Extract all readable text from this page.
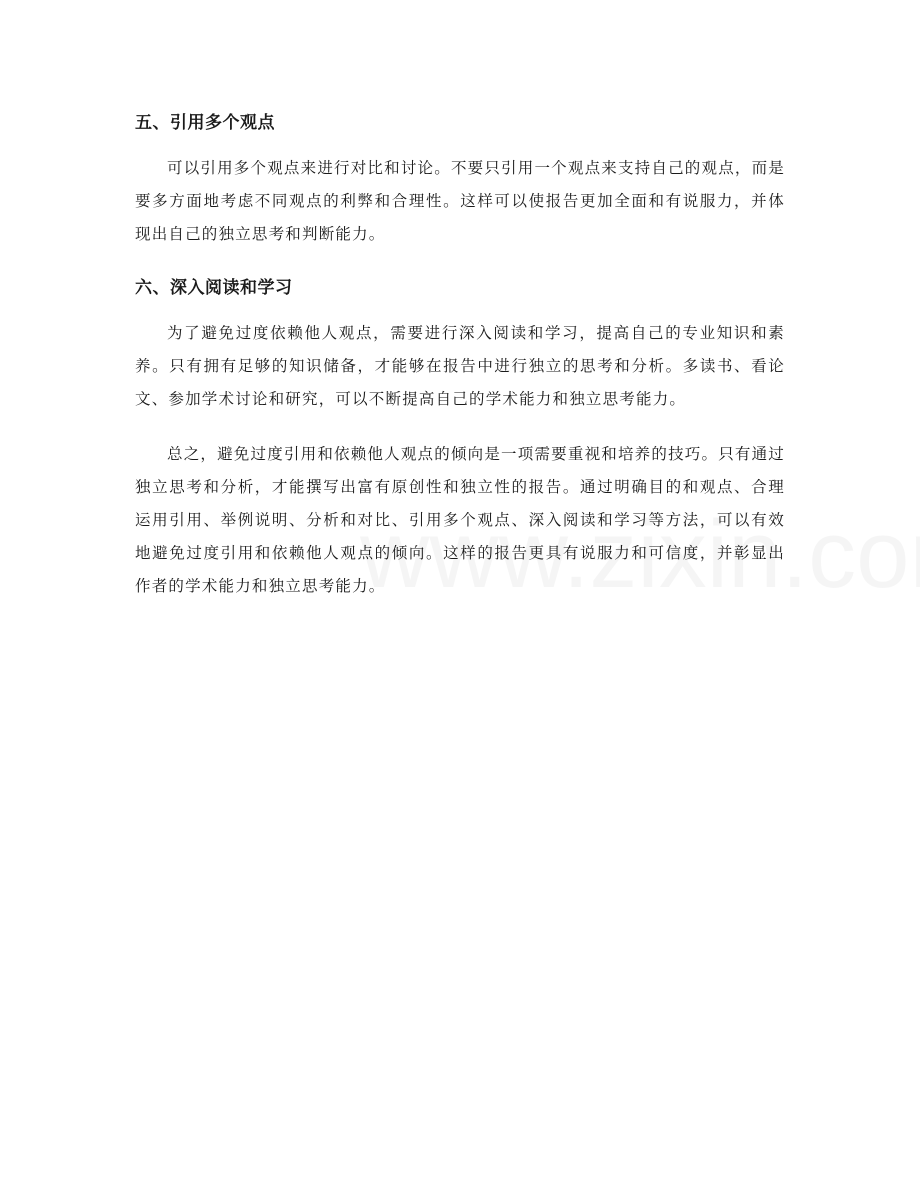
五、引用多个观点

可以引用多个观点来进行对比和讨论。不要只引用一个观点来支持自己的观点，而是要多方面地考虑不同观点的利弊和合理性。这样可以使报告更加全面和有说服力，并体现出自己的独立思考和判断能力。

六、深入阅读和学习

为了避免过度依赖他人观点，需要进行深入阅读和学习，提高自己的专业知识和素养。只有拥有足够的知识储备，才能够在报告中进行独立的思考和分析。多读书、看论文、参加学术讨论和研究，可以不断提高自己的学术能力和独立思考能力。

总之，避免过度引用和依赖他人观点的倾向是一项需要重视和培养的技巧。只有通过独立思考和分析，才能撰写出富有原创性和独立性的报告。通过明确目的和观点、合理运用引用、举例说明、分析和对比、引用多个观点、深入阅读和学习等方法，可以有效地避免过度引用和依赖他人观点的倾向。这样的报告更具有说服力和可信度，并彰显出作者的学术能力和独立思考能力。
